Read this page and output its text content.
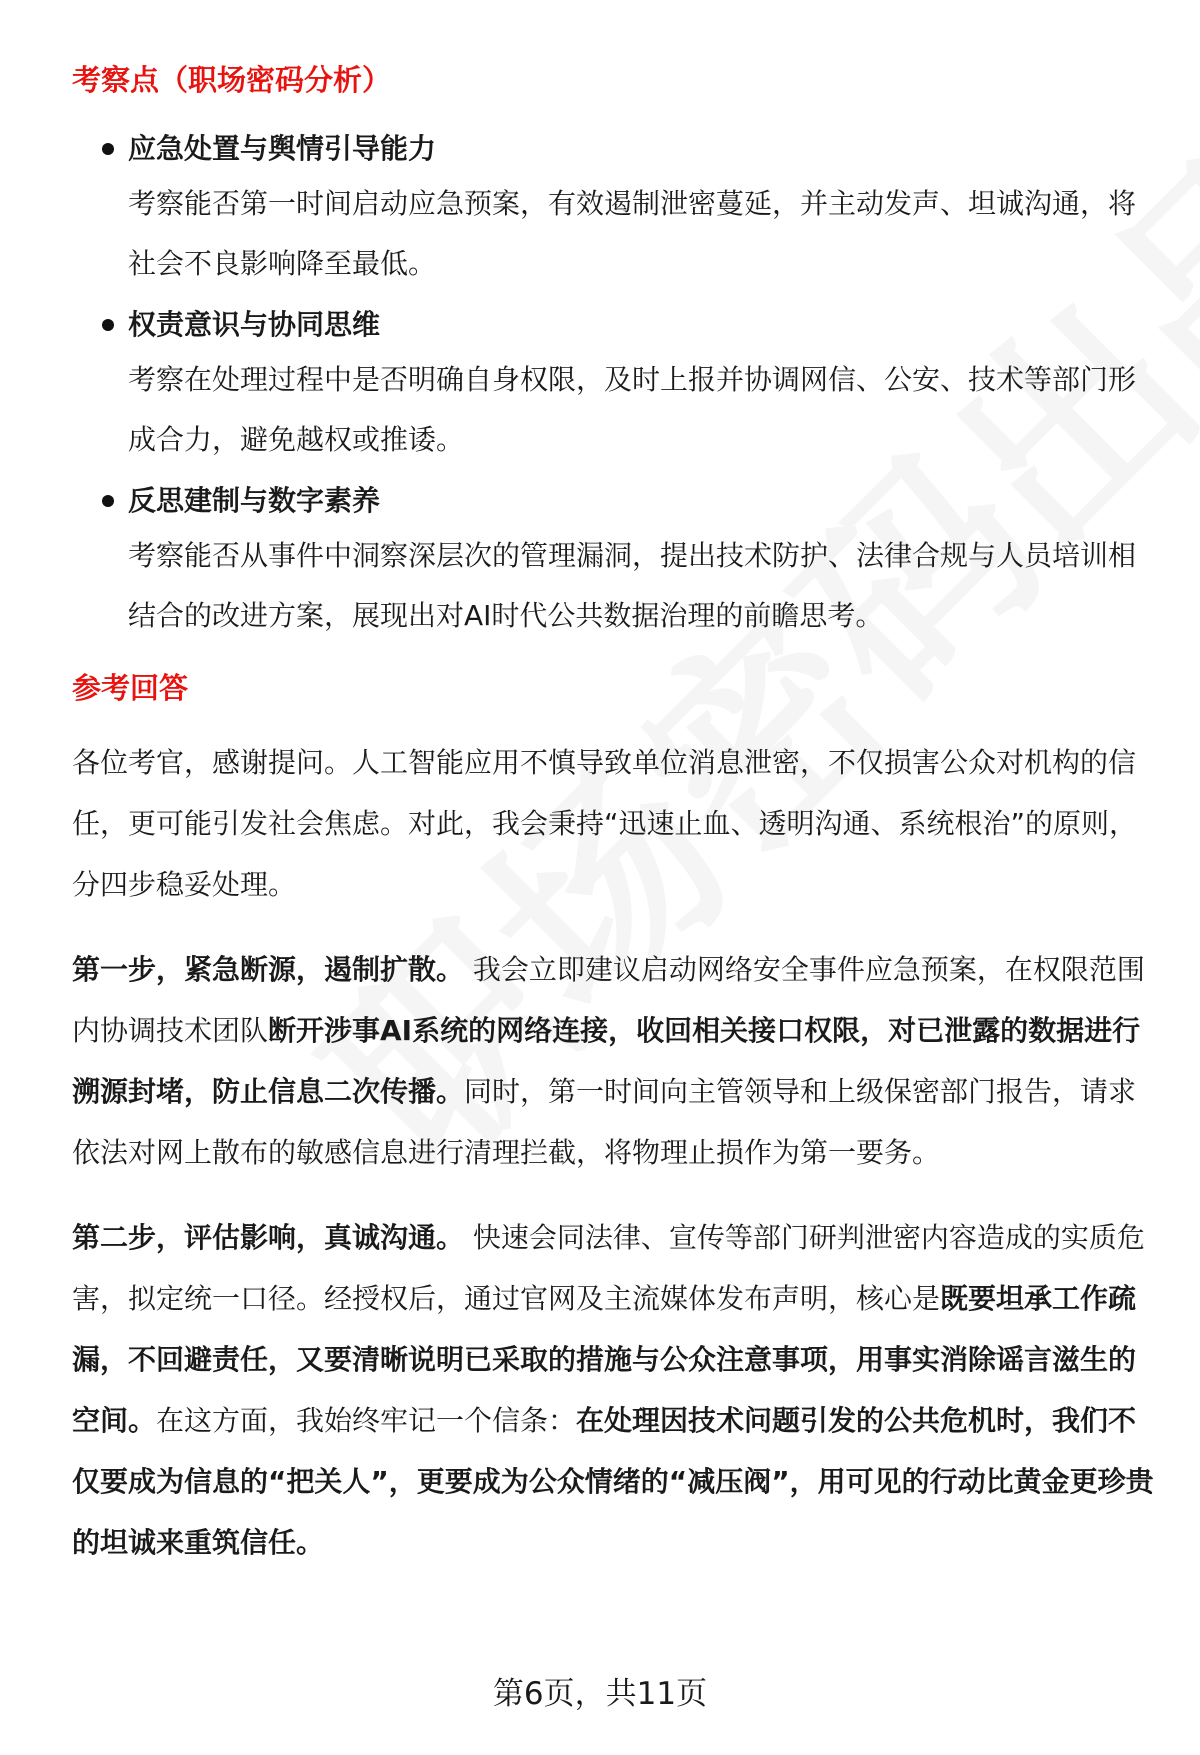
考察点（职场密码分析）
应急处置与舆情引导能力
考察能否第一时间启动应急预案，有效遏制泄密蔓延，并主动发声、坦诚沟通，将社会不良影响降至最低。
权责意识与协同思维
考察在处理过程中是否明确自身权限，及时上报并协调网信、公安、技术等部门形成合力，避免越权或推诿。
反思建制与数字素养
考察能否从事件中洞察深层次的管理漏洞，提出技术防护、法律合规与人员培训相结合的改进方案，展现出对AI时代公共数据治理的前瞻思考。
参考回答

各位考官，感谢提问。人工智能应用不慎导致单位消息泄密，不仅损害公众对机构的信任，更可能引发社会焦虑。对此，我会秉持“迅速止血、透明沟通、系统根治”的原则，分四步稳妥处理。

第一步，紧急断源，遏制扩散。 我会立即建议启动网络安全事件应急预案，在权限范围内协调技术团队断开涉事AI系统的网络连接，收回相关接口权限，对已泄露的数据进行溯源封堵，防止信息二次传播。同时，第一时间向主管领导和上级保密部门报告，请求依法对网上散布的敏感信息进行清理拦截，将物理止损作为第一要务。

第二步，评估影响，真诚沟通。 快速会同法律、宣传等部门研判泄密内容造成的实质危害，拟定统一口径。经授权后，通过官网及主流媒体发布声明，核心是既要坦承工作疏漏，不回避责任，又要清晰说明已采取的措施与公众注意事项，用事实消除谣言滋生的空间。在这方面，我始终牢记一个信条：在处理因技术问题引发的公共危机时，我们不仅要成为信息的“把关人”，更要成为公众情绪的“减压阀”，用可见的行动比黄金更珍贵的坦诚来重筑信任。

第6页，共11页
